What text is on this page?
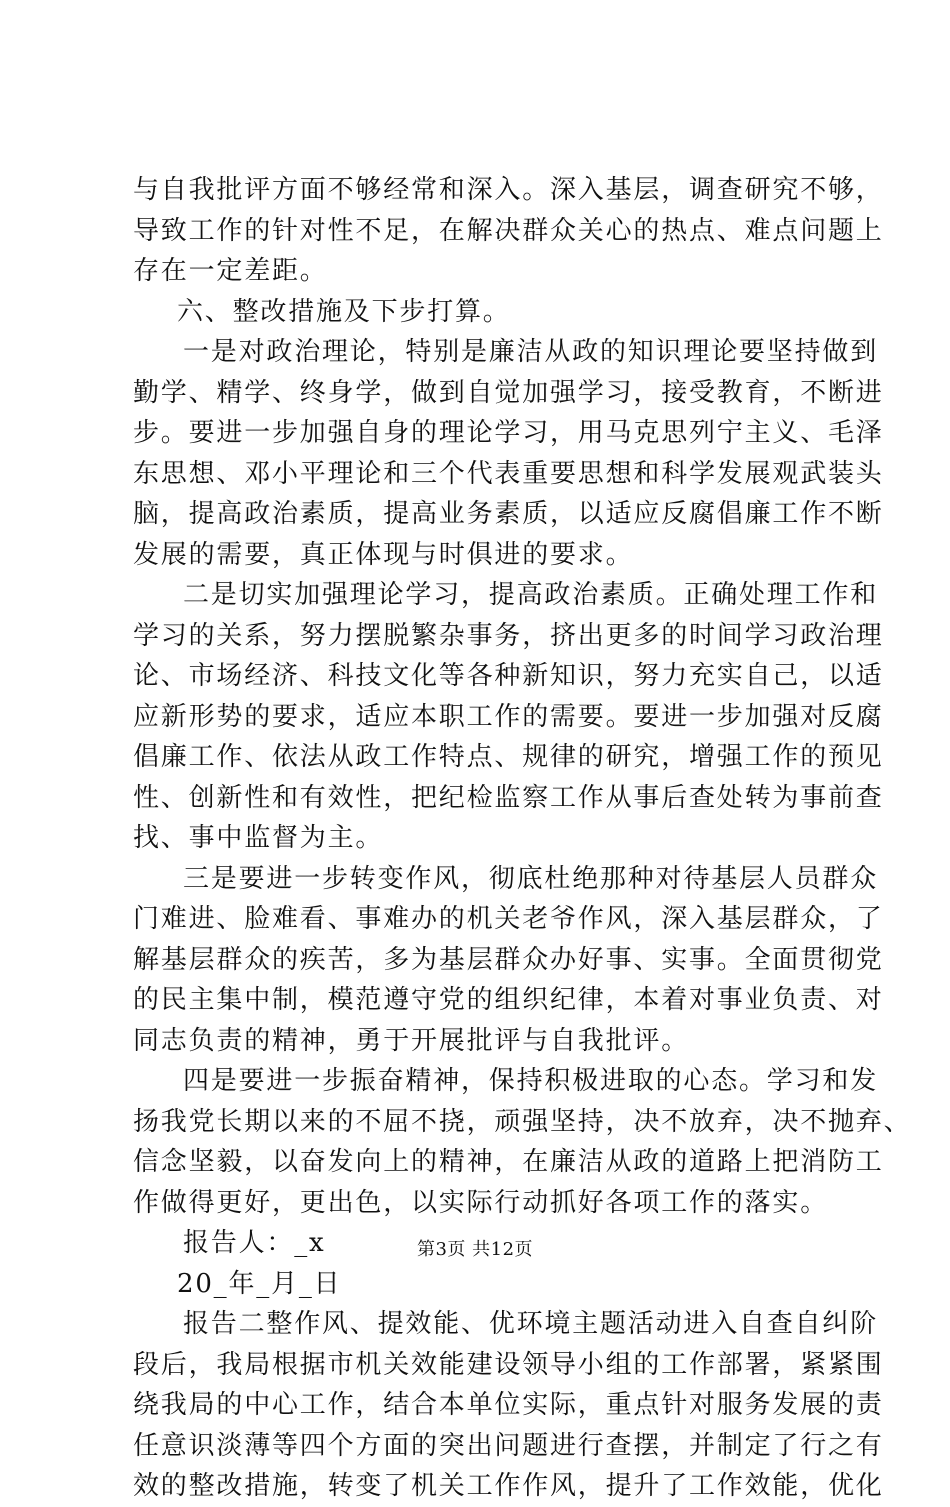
与自我批评方面不够经常和深入。深入基层，调查研究不够，
导致工作的针对性不足，在解决群众关心的热点、难点问题上
存在一定差距。
六、整改措施及下步打算。
一是对政治理论，特别是廉洁从政的知识理论要坚持做到
勤学、精学、终身学，做到自觉加强学习，接受教育，不断进
步。要进一步加强自身的理论学习，用马克思列宁主义、毛泽
东思想、邓小平理论和三个代表重要思想和科学发展观武装头
脑，提高政治素质，提高业务素质，以适应反腐倡廉工作不断
发展的需要，真正体现与时俱进的要求。
二是切实加强理论学习，提高政治素质。正确处理工作和
学习的关系，努力摆脱繁杂事务，挤出更多的时间学习政治理
论、市场经济、科技文化等各种新知识，努力充实自己，以适
应新形势的要求，适应本职工作的需要。要进一步加强对反腐
倡廉工作、依法从政工作特点、规律的研究，增强工作的预见
性、创新性和有效性，把纪检监察工作从事后查处转为事前查
找、事中监督为主。
三是要进一步转变作风，彻底杜绝那种对待基层人员群众
门难进、脸难看、事难办的机关老爷作风，深入基层群众，了
解基层群众的疾苦，多为基层群众办好事、实事。全面贯彻党
的民主集中制，模范遵守党的组织纪律，本着对事业负责、对
同志负责的精神，勇于开展批评与自我批评。
四是要进一步振奋精神，保持积极进取的心态。学习和发
扬我党长期以来的不屈不挠，顽强坚持，决不放弃，决不抛弃、
信念坚毅，以奋发向上的精神，在廉洁从政的道路上把消防工
作做得更好，更出色，以实际行动抓好各项工作的落实。
报告人：_x
20_年_月_日
报告二整作风、提效能、优环境主题活动进入自查自纠阶
段后，我局根据市机关效能建设领导小组的工作部署，紧紧围
绕我局的中心工作，结合本单位实际，重点针对服务发展的责
任意识淡薄等四个方面的突出问题进行查摆，并制定了行之有
效的整改措施，转变了机关工作作风，提升了工作效能，优化
第3页 共12页
